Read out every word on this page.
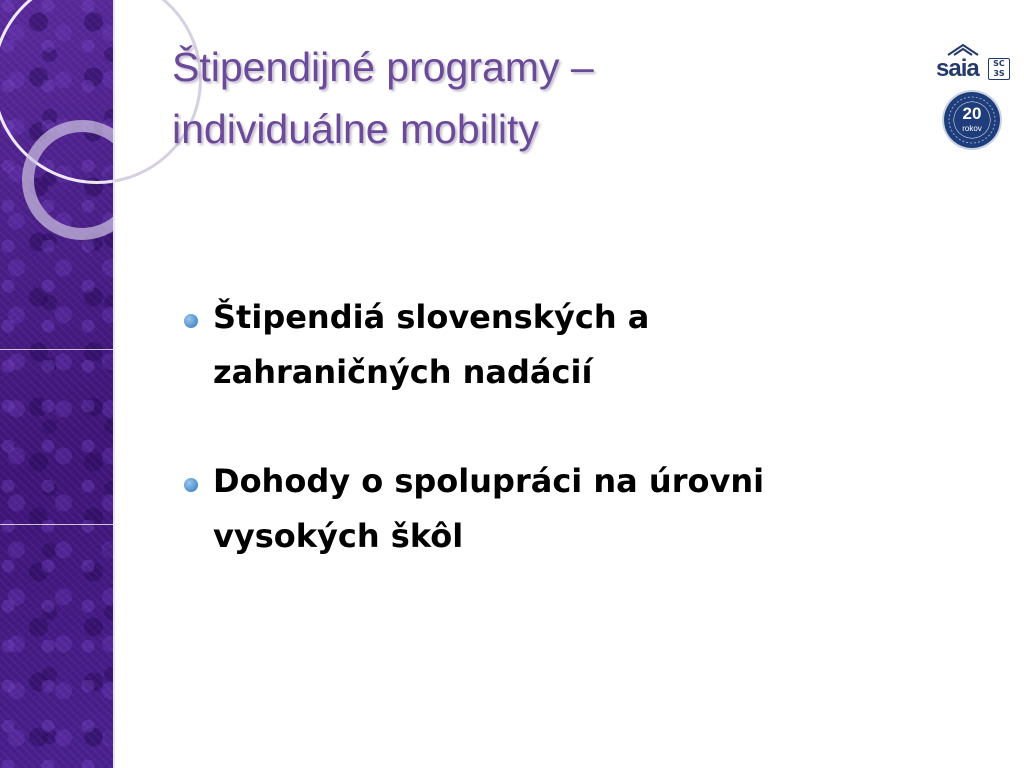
Štipendijné programy –
individuálne mobility
saia	SC
3S
20
rokov
Štipendiá slovenských a
zahraničných nadácií
Dohody o spolupráci na úrovni
vysokých škôl
